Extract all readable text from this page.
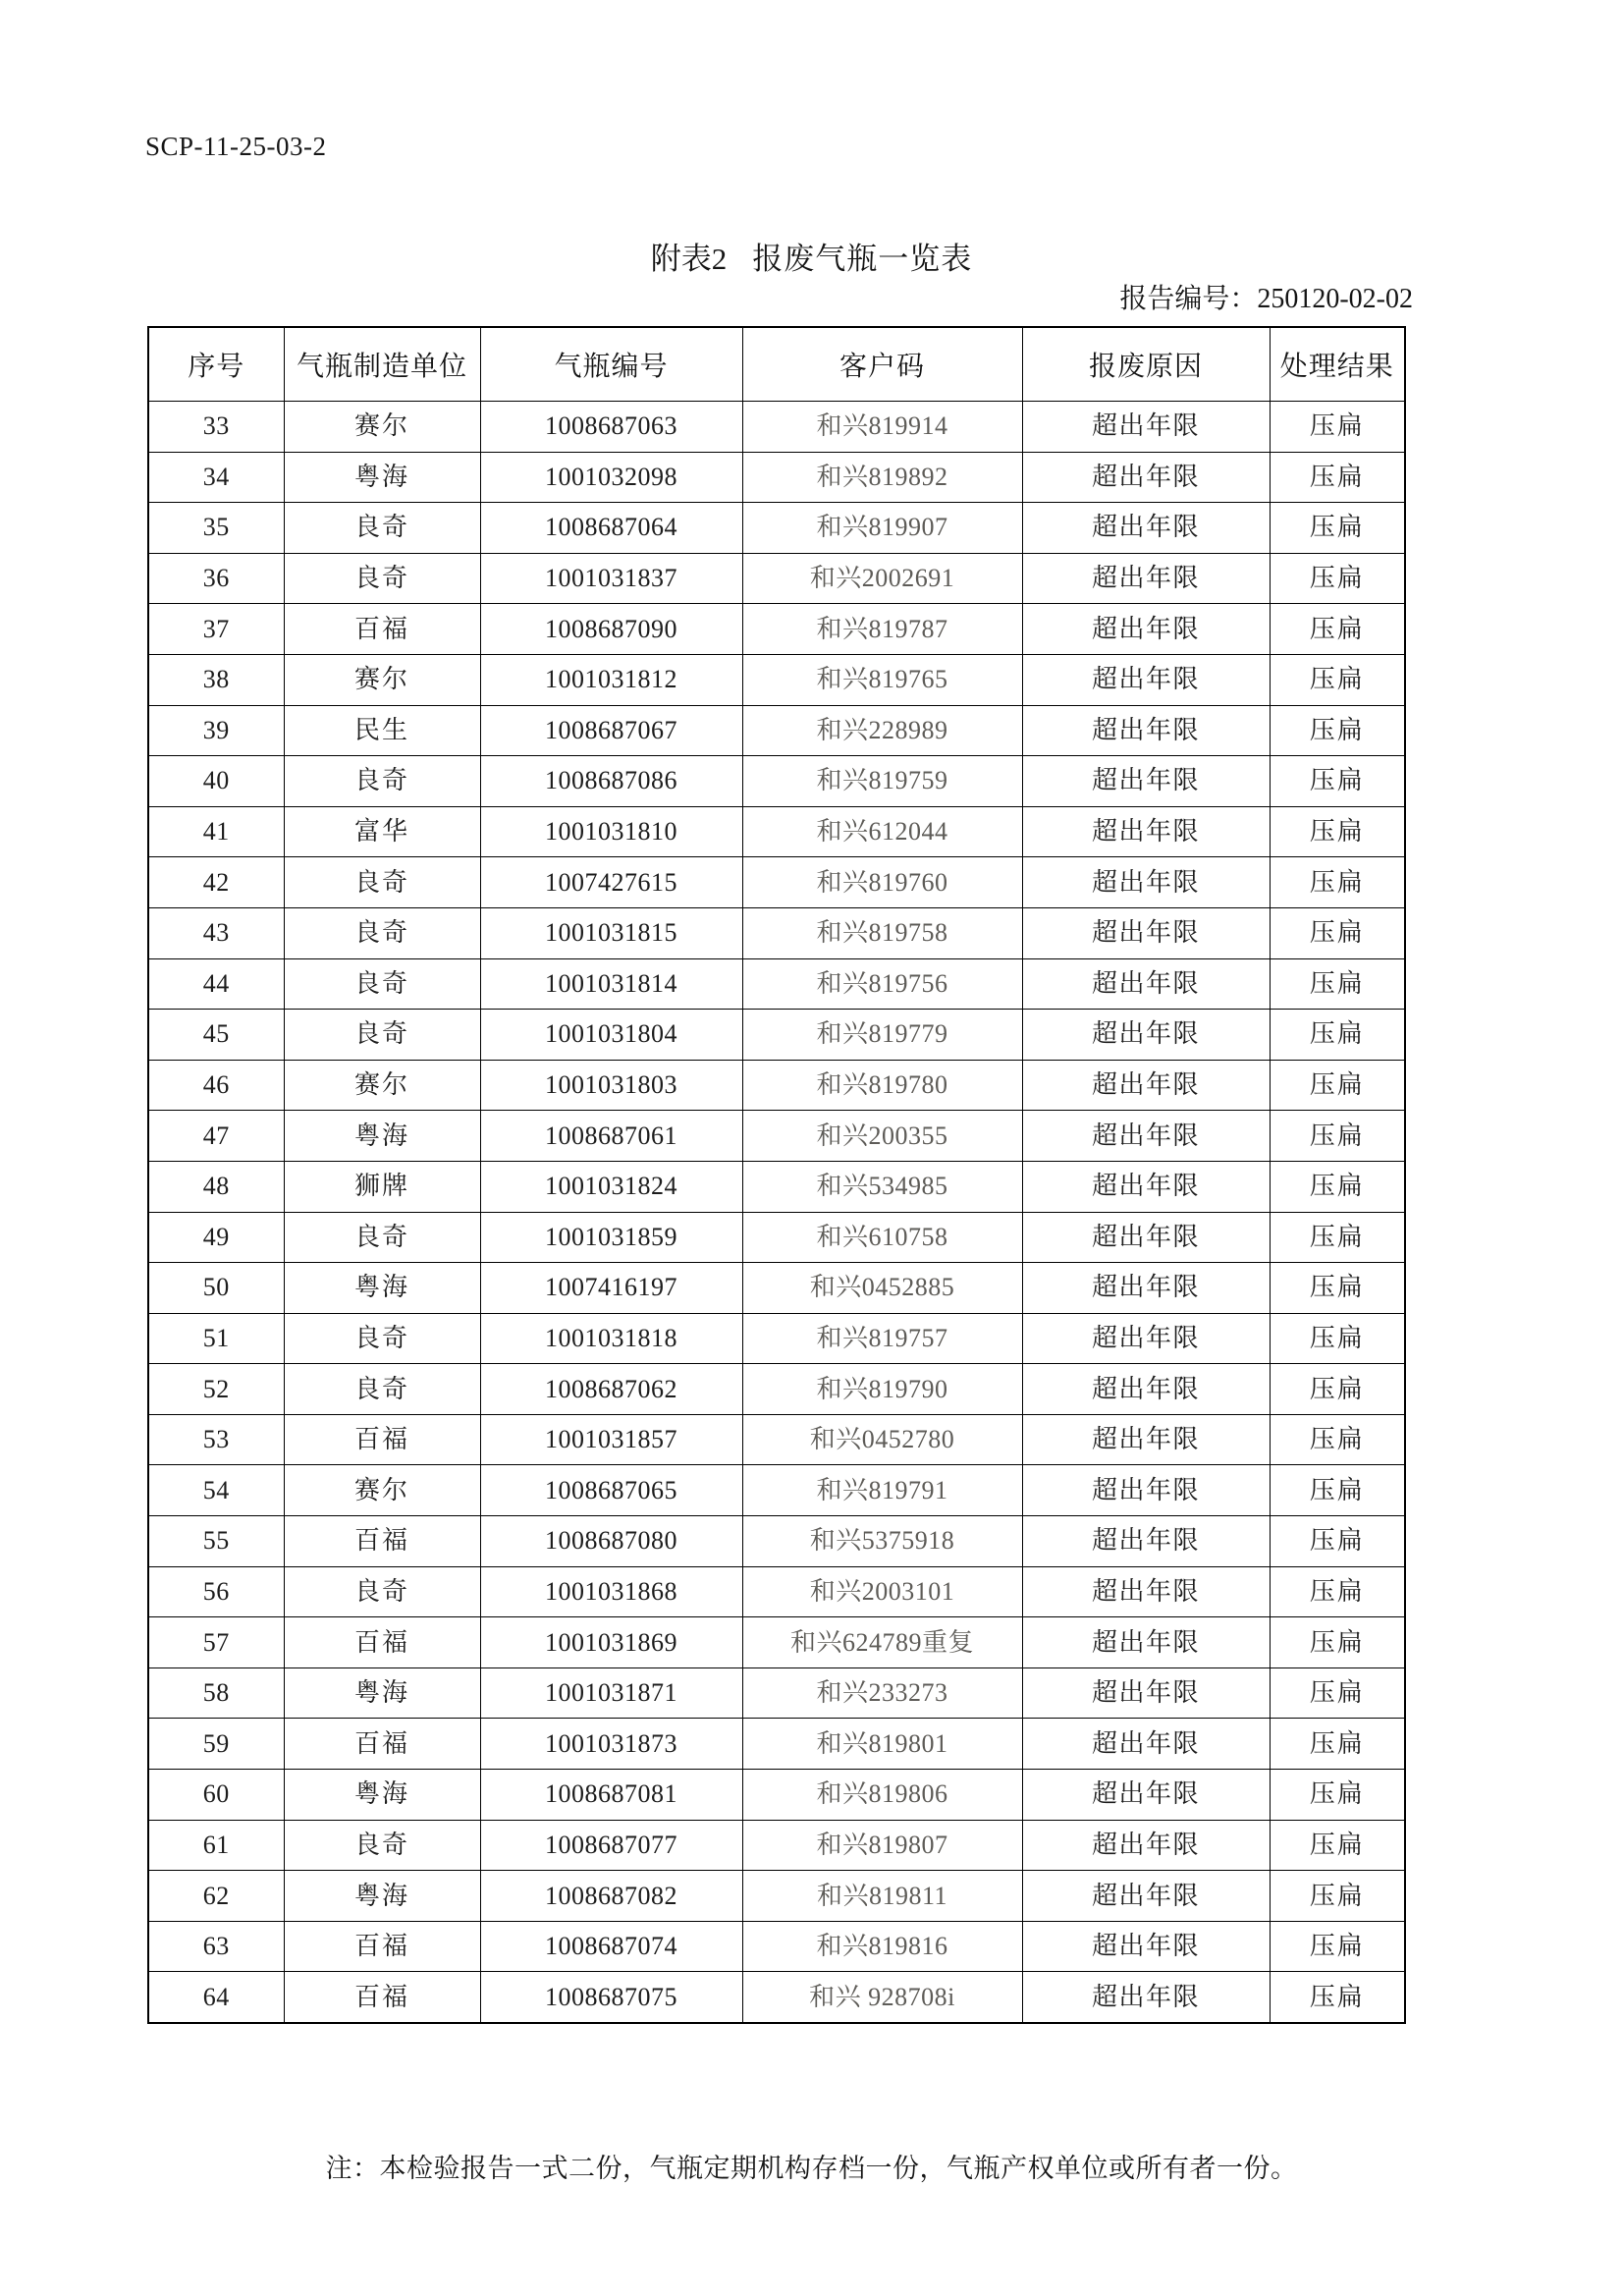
SCP-11-25-03-2
附表2 报废气瓶一览表
报告编号：250120-02-02
序号	气瓶制造单位	气瓶编号	客户码	报废原因	处理结果
33	赛尔	1008687063	和兴819914	超出年限	压扁
34	粤海	1001032098	和兴819892	超出年限	压扁
35	良奇	1008687064	和兴819907	超出年限	压扁
36	良奇	1001031837	和兴2002691	超出年限	压扁
37	百福	1008687090	和兴819787	超出年限	压扁
38	赛尔	1001031812	和兴819765	超出年限	压扁
39	民生	1008687067	和兴228989	超出年限	压扁
40	良奇	1008687086	和兴819759	超出年限	压扁
41	富华	1001031810	和兴612044	超出年限	压扁
42	良奇	1007427615	和兴819760	超出年限	压扁
43	良奇	1001031815	和兴819758	超出年限	压扁
44	良奇	1001031814	和兴819756	超出年限	压扁
45	良奇	1001031804	和兴819779	超出年限	压扁
46	赛尔	1001031803	和兴819780	超出年限	压扁
47	粤海	1008687061	和兴200355	超出年限	压扁
48	狮牌	1001031824	和兴534985	超出年限	压扁
49	良奇	1001031859	和兴610758	超出年限	压扁
50	粤海	1007416197	和兴0452885	超出年限	压扁
51	良奇	1001031818	和兴819757	超出年限	压扁
52	良奇	1008687062	和兴819790	超出年限	压扁
53	百福	1001031857	和兴0452780	超出年限	压扁
54	赛尔	1008687065	和兴819791	超出年限	压扁
55	百福	1008687080	和兴5375918	超出年限	压扁
56	良奇	1001031868	和兴2003101	超出年限	压扁
57	百福	1001031869	和兴624789重复	超出年限	压扁
58	粤海	1001031871	和兴233273	超出年限	压扁
59	百福	1001031873	和兴819801	超出年限	压扁
60	粤海	1008687081	和兴819806	超出年限	压扁
61	良奇	1008687077	和兴819807	超出年限	压扁
62	粤海	1008687082	和兴819811	超出年限	压扁
63	百福	1008687074	和兴819816	超出年限	压扁
64	百福	1008687075	和兴 928708i	超出年限	压扁
注：本检验报告一式二份，气瓶定期机构存档一份，气瓶产权单位或所有者一份。
